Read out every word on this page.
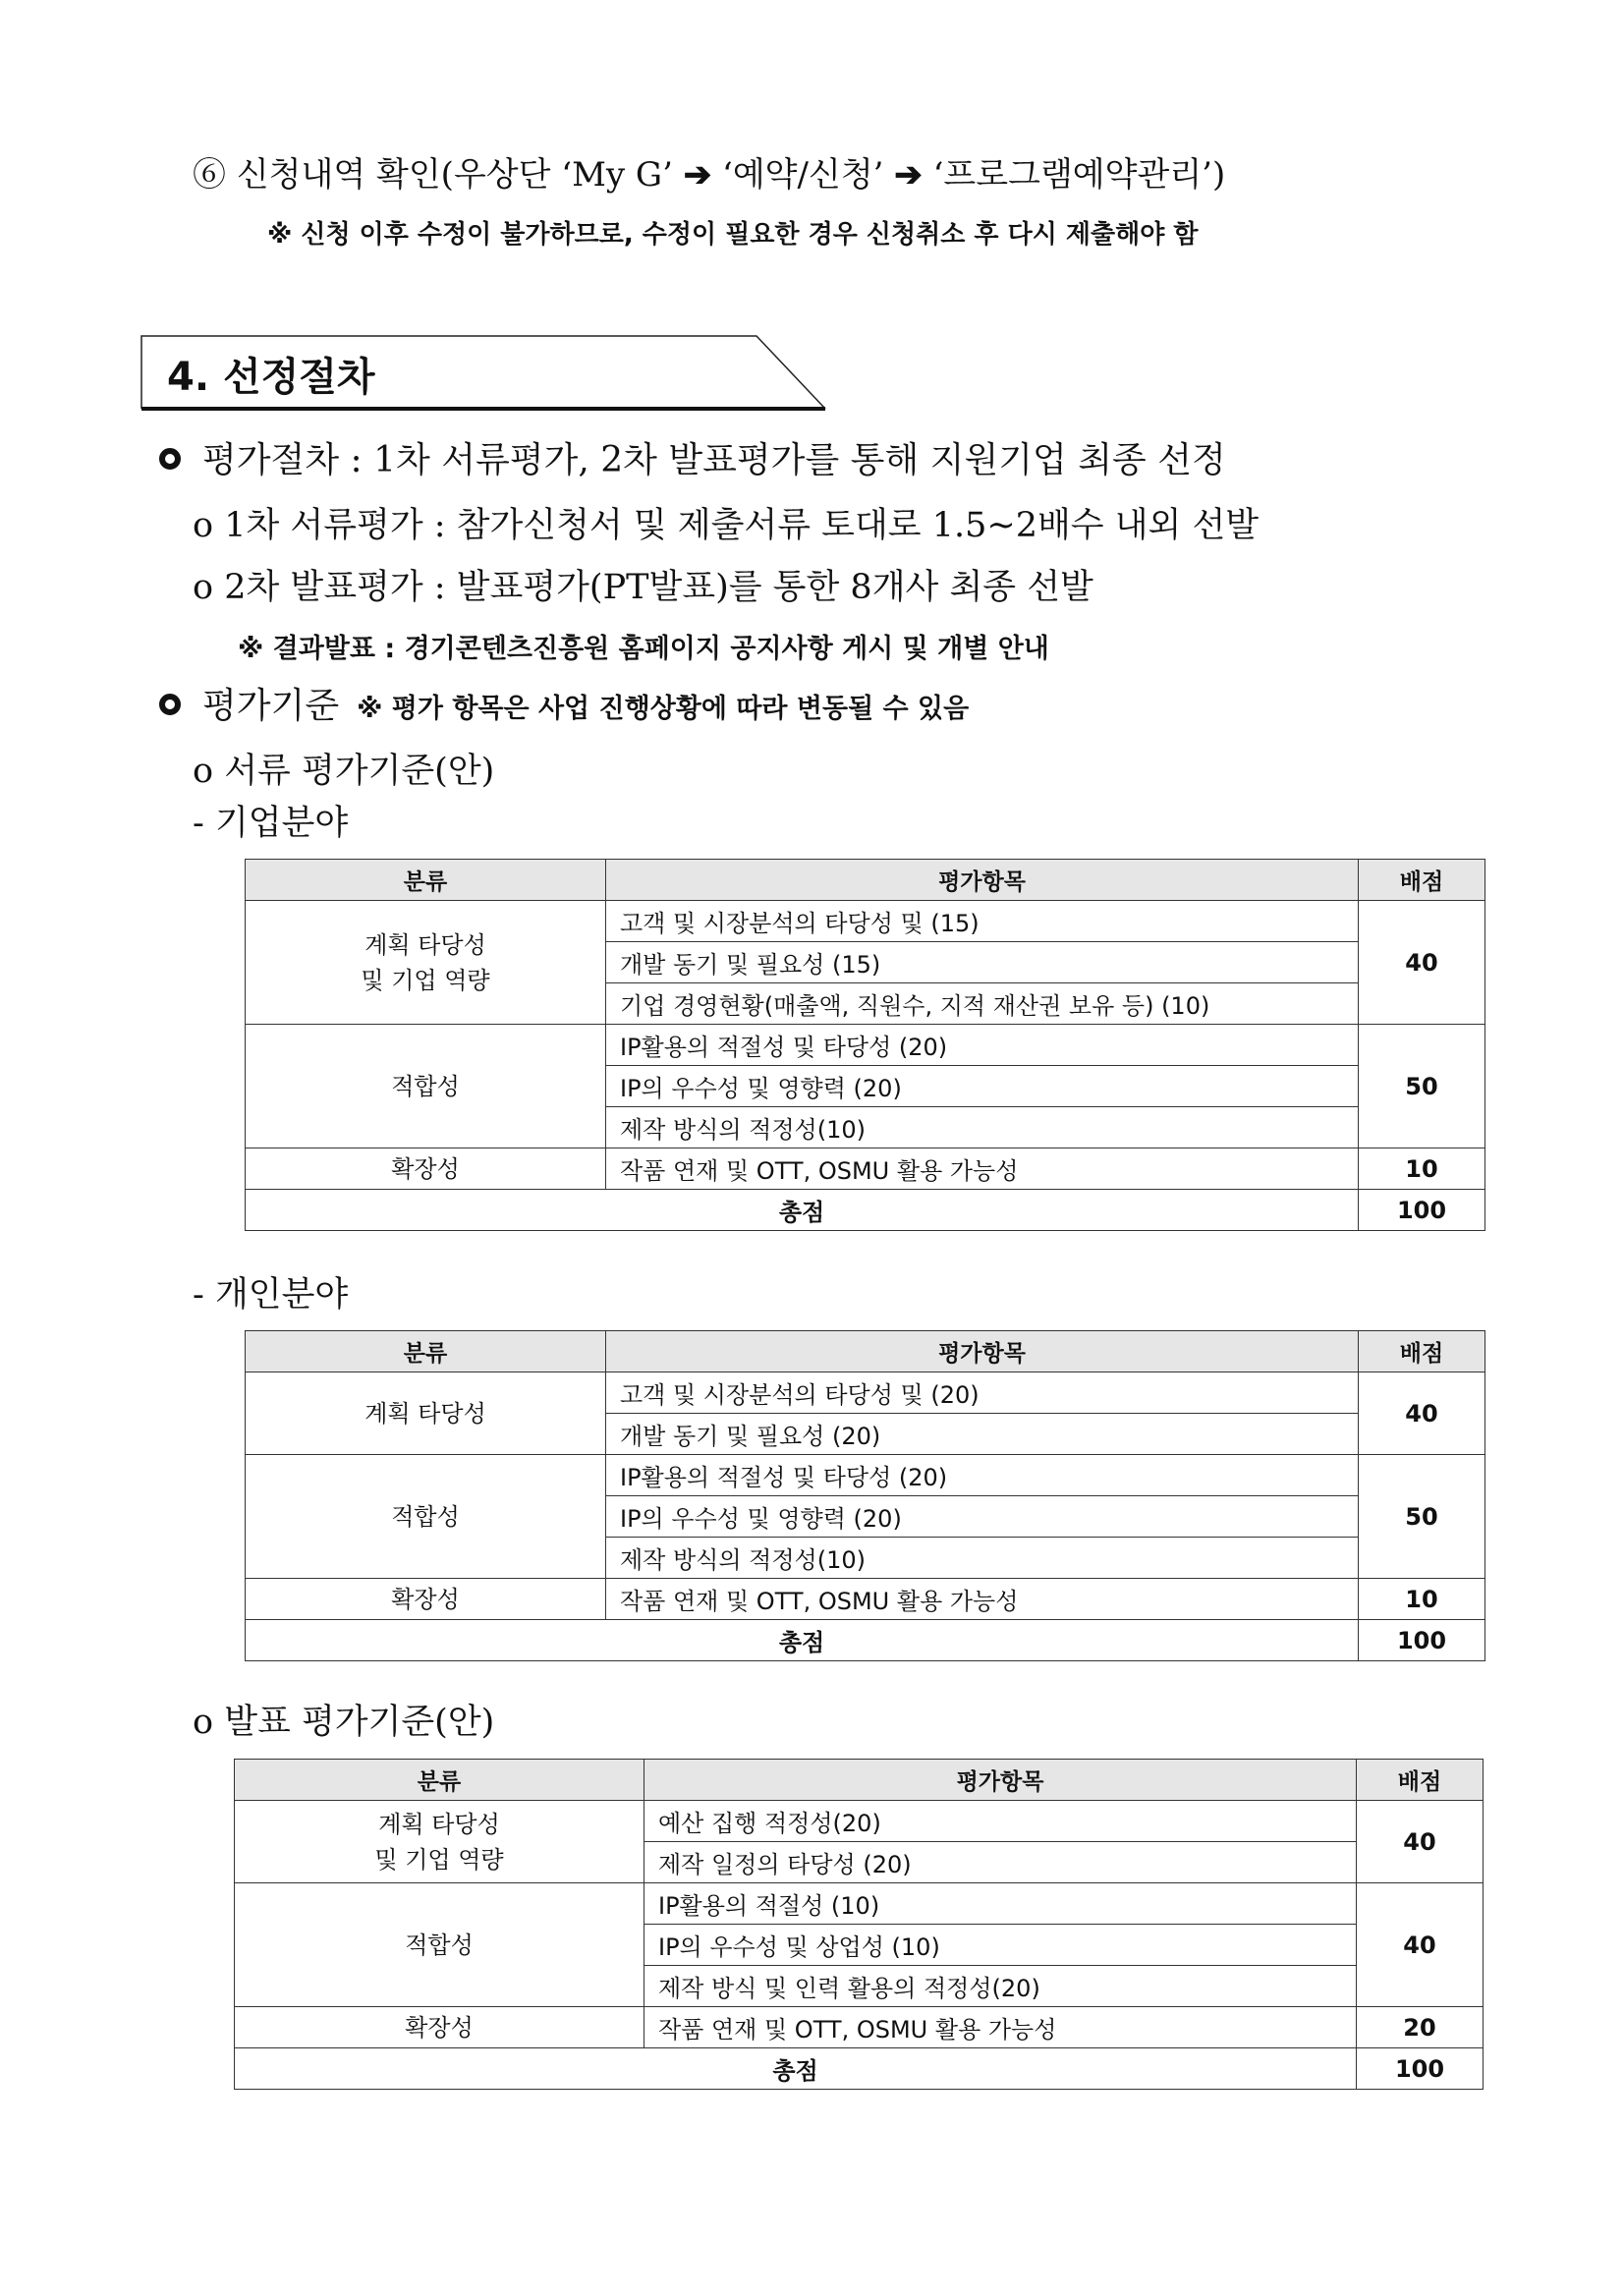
⑥ 신청내역 확인(우상단 ‘My G’ ➔ ‘예약/신청’ ➔ ‘프로그램예약관리’)
※ 신청 이후 수정이 불가하므로, 수정이 필요한 경우 신청취소 후 다시 제출해야 함
4. 선정절차
평가절차 : 1차 서류평가, 2차 발표평가를 통해 지원기업 최종 선정
o 1차 서류평가 : 참가신청서 및 제출서류 토대로 1.5~2배수 내외 선발
o 2차 발표평가 : 발표평가(PT발표)를 통한 8개사 최종 선발
※ 결과발표 : 경기콘텐츠진흥원 홈페이지 공지사항 게시 및 개별 안내
평가기준 ※ 평가 항목은 사업 진행상황에 따라 변동될 수 있음
o 서류 평가기준(안)
- 기업분야
분류	평가항목	배점

계획 타당성
및 기업 역량	고객 및 시장분석의 타당성 및 (15)	40
	개발 동기 및 필요성 (15)	
	기업 경영현황(매출액, 직원수, 지적 재산권 보유 등) (10)	
적합성	IP활용의 적절성 및 타당성 (20)	50
	IP의 우수성 및 영향력 (20)	
	제작 방식의 적정성(10)	
확장성	작품 연재 및 OTT, OSMU 활용 가능성	10
총점		100
- 개인분야
분류	평가항목	배점
계획 타당성	고객 및 시장분석의 타당성 및 (20)	40
	개발 동기 및 필요성 (20)	
적합성	IP활용의 적절성 및 타당성 (20)	50
	IP의 우수성 및 영향력 (20)	
	제작 방식의 적정성(10)	
확장성	작품 연재 및 OTT, OSMU 활용 가능성	10
총점		100
o 발표 평가기준(안)
분류	평가항목	배점

계획 타당성
및 기업 역량	예산 집행 적정성(20)	40
	제작 일정의 타당성 (20)	
적합성	IP활용의 적절성 (10)	40
	IP의 우수성 및 상업성 (10)	
	제작 방식 및 인력 활용의 적정성(20)	
확장성	작품 연재 및 OTT, OSMU 활용 가능성	20
총점		100
